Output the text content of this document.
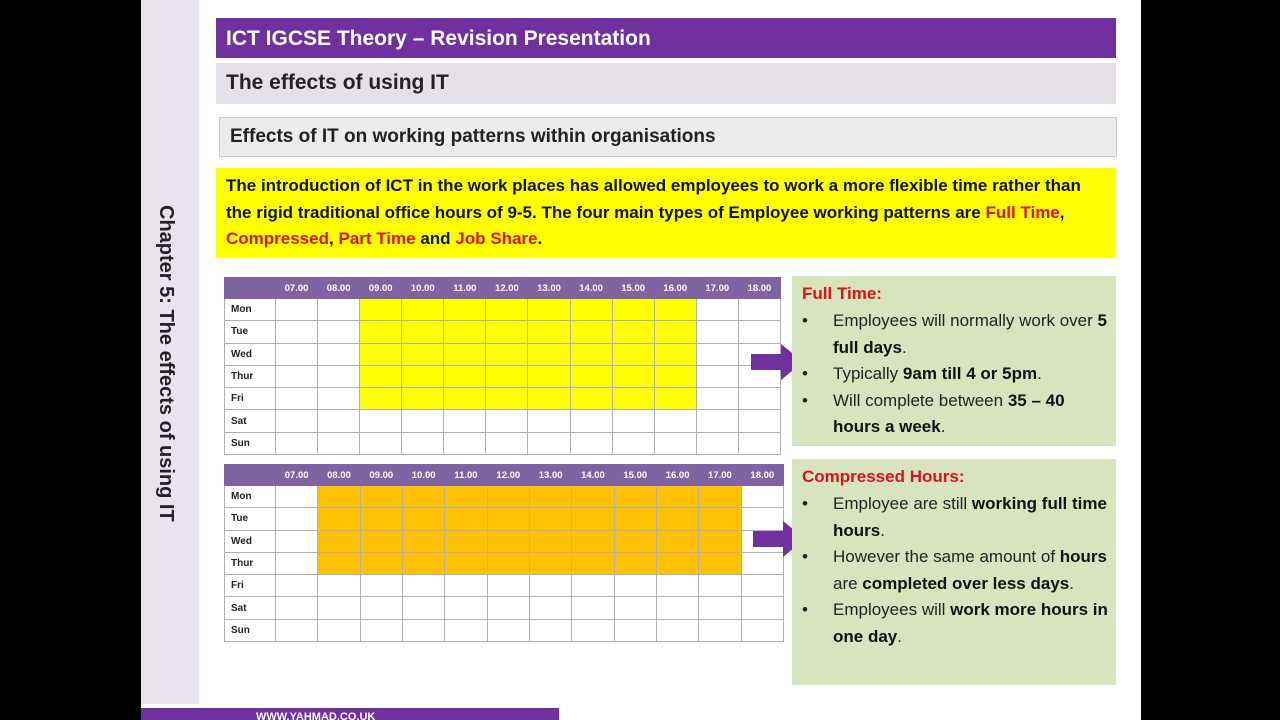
Chapter 5: The effects of using IT
ICT IGCSE Theory – Revision Presentation
The effects of using IT
Effects of IT on working patterns within organisations
The introduction of ICT in the work places has allowed employees to work a more flexible time rather than the rigid traditional office hours of 9-5. The four main types of Employee working patterns are Full Time, Compressed, Part Time and Job Share.
	07.00	08.00	09.00	10.00	11.00	12.00	13.00	14.00	15.00	16.00	17.00	18.00
Mon												
Tue												
Wed												
Thur												
Fri												
Sat												
Sun												
	07.00	08.00	09.00	10.00	11.00	12.00	13.00	14.00	15.00	16.00	17.00	18.00
Mon												
Tue												
Wed												
Thur												
Fri												
Sat												
Sun												
Full Time:
• Employees will normally work over 5 full days.
• Typically 9am till 4 or 5pm.
• Will complete between 35 – 40 hours a week.
Compressed Hours:
• Employee are still working full time hours.
• However the same amount of hours are completed over less days.
• Employees will work more hours in one day.
WWW.YAHMAD.CO.UK
